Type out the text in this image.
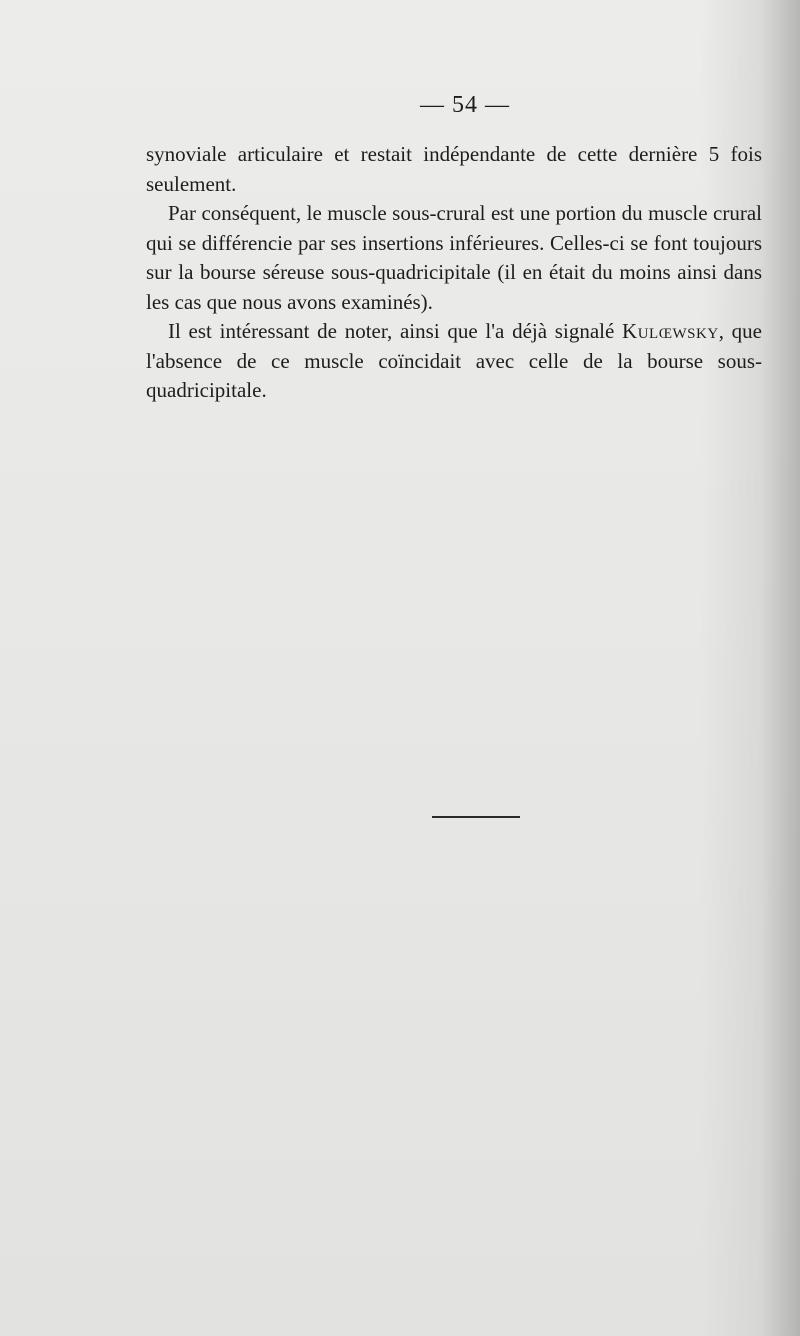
— 54 —

synoviale articulaire et restait indépendante de cette dernière 5 fois seulement.

Par conséquent, le muscle sous-crural est une portion du muscle crural qui se différencie par ses insertions inférieures. Celles-ci se font toujours sur la bourse séreuse sous-quadricipitale (il en était du moins ainsi dans les cas que nous avons examinés).

Il est intéressant de noter, ainsi que l'a déjà signalé Kulœwsky, que l'absence de ce muscle coïncidait avec celle de la bourse sous-quadricipitale.
